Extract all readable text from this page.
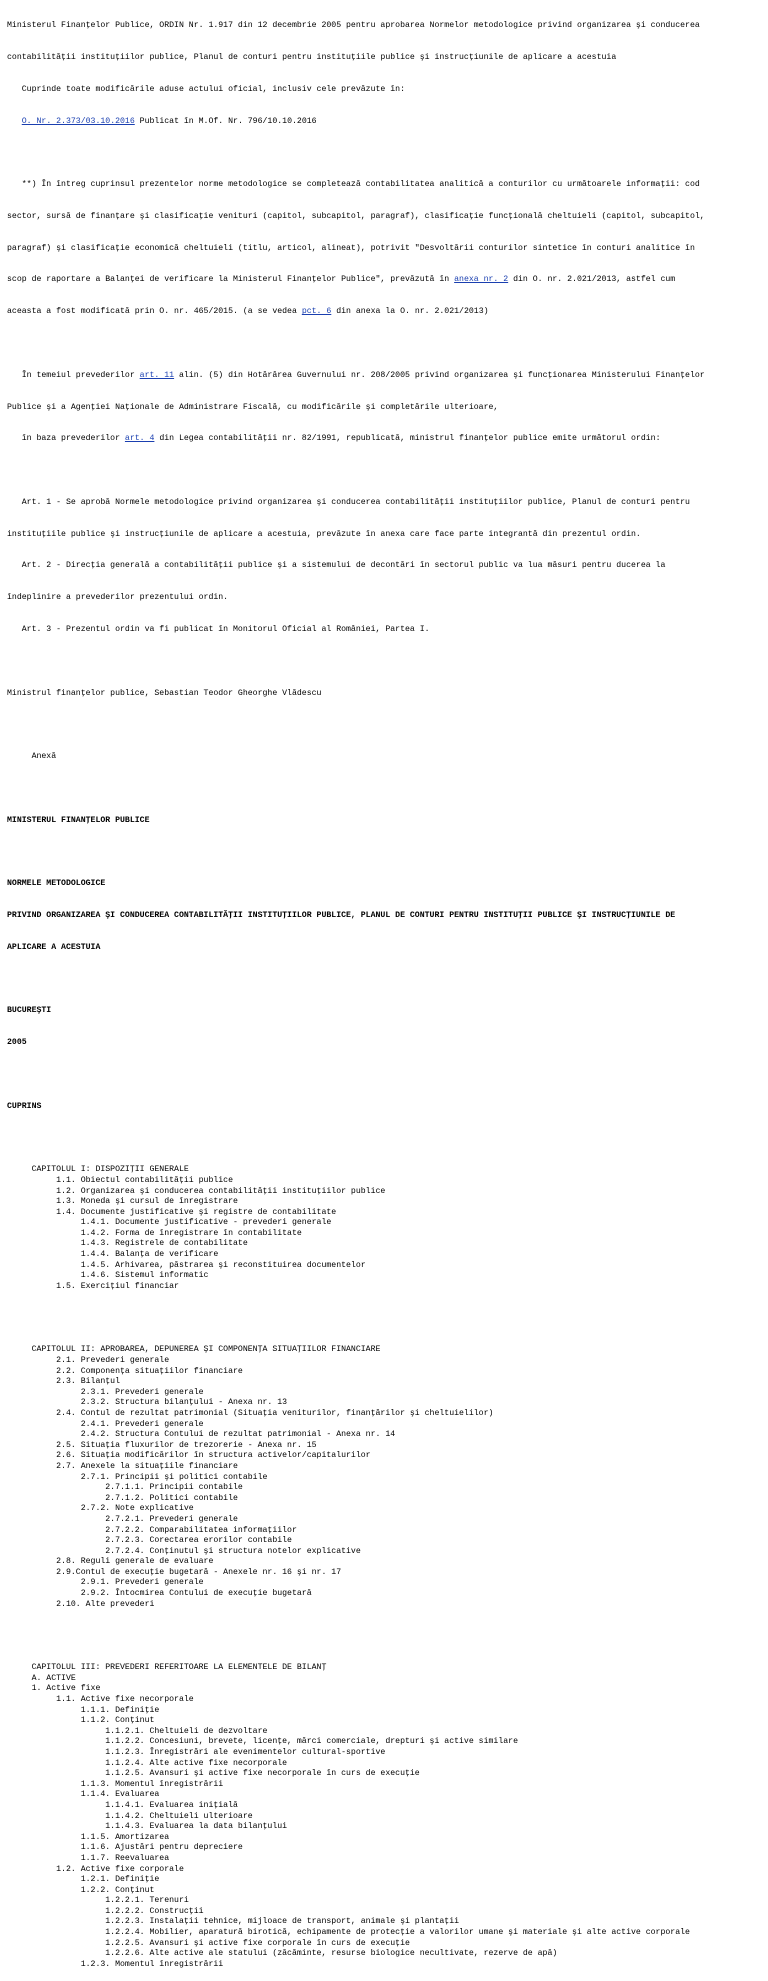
Ministerul Finanţelor Publice, ORDIN Nr. 1.917 din 12 decembrie 2005 pentru aprobarea Normelor metodologice privind organizarea şi conducerea

contabilităţii instituţiilor publice, Planul de conturi pentru instituţiile publice şi instrucţiunile de aplicare a acestuia

Cuprinde toate modificările aduse actului oficial, inclusiv cele prevăzute în:

O. Nr. 2.373/03.10.2016 Publicat în M.Of. Nr. 796/10.10.2016

**) În întreg cuprinsul prezentelor norme metodologice se completează contabilitatea analitică a conturilor cu următoarele informaţii: cod

sector, sursă de finanţare şi clasificaţie venituri (capitol, subcapitol, paragraf), clasificaţie funcţională cheltuieli (capitol, subcapitol,

paragraf) şi clasificaţie economică cheltuieli (titlu, articol, alineat), potrivit "Desvoltării conturilor sintetice în conturi analitice în

scop de raportare a Balanţei de verificare la Ministerul Finanţelor Publice", prevăzută în anexa nr. 2 din O. nr. 2.021/2013, astfel cum

aceasta a fost modificată prin O. nr. 465/2015. (a se vedea pct. 6 din anexa la O. nr. 2.021/2013)

În temeiul prevederilor art. 11 alin. (5) din Hotărârea Guvernului nr. 208/2005 privind organizarea şi funcţionarea Ministerului Finanţelor

Publice şi a Agenţiei Naţionale de Administrare Fiscală, cu modificările şi completările ulterioare,

în baza prevederilor art. 4 din Legea contabilităţii nr. 82/1991, republicată, ministrul finanţelor publice emite următorul ordin:

Art. 1 - Se aprobă Normele metodologice privind organizarea şi conducerea contabilităţii instituţiilor publice, Planul de conturi pentru

instituţiile publice şi instrucţiunile de aplicare a acestuia, prevăzute în anexa care face parte integrantă din prezentul ordin.

Art. 2 - Direcţia generală a contabilităţii publice şi a sistemului de decontări în sectorul public va lua măsuri pentru ducerea la

îndeplinire a prevederilor prezentului ordin.

Art. 3 - Prezentul ordin va fi publicat în Monitorul Oficial al României, Partea I.

Ministrul finanţelor publice, Sebastian Teodor Gheorghe Vlădescu

Anexă

MINISTERUL FINANŢELOR PUBLICE

NORMELE METODOLOGICE

PRIVIND ORGANIZAREA ŞI CONDUCEREA CONTABILITĂŢII INSTITUŢIILOR PUBLICE, PLANUL DE CONTURI PENTRU INSTITUŢII PUBLICE ŞI INSTRUCŢIUNILE DE

APLICARE A ACESTUIA

BUCUREŞTI

2005

CUPRINS

CAPITOLUL I: DISPOZIŢII GENERALE
1.1. Obiectul contabilităţii publice
1.2. Organizarea şi conducerea contabilităţii instituţiilor publice
1.3. Moneda şi cursul de înregistrare
1.4. Documente justificative şi registre de contabilitate
1.4.1. Documente justificative - prevederi generale
1.4.2. Forma de înregistrare în contabilitate
1.4.3. Registrele de contabilitate
1.4.4. Balanţa de verificare
1.4.5. Arhivarea, păstrarea şi reconstituirea documentelor
1.4.6. Sistemul informatic
1.5. Exerciţiul financiar

CAPITOLUL II: APROBAREA, DEPUNEREA ŞI COMPONENŢA SITUAŢIILOR FINANCIARE
2.1. Prevederi generale
2.2. Componenţa situaţiilor financiare
2.3. Bilanţul
2.3.1. Prevederi generale
2.3.2. Structura bilanţului - Anexa nr. 13
2.4. Contul de rezultat patrimonial (Situaţia veniturilor, finanţărilor şi cheltuielilor)
2.4.1. Prevederi generale
2.4.2. Structura Contului de rezultat patrimonial - Anexa nr. 14
2.5. Situaţia fluxurilor de trezorerie - Anexa nr. 15
2.6. Situaţia modificărilor în structura activelor/capitalurilor
2.7. Anexele la situaţiile financiare
2.7.1. Principii şi politici contabile
2.7.1.1. Principii contabile
2.7.1.2. Politici contabile
2.7.2. Note explicative
2.7.2.1. Prevederi generale
2.7.2.2. Comparabilitatea informaţiilor
2.7.2.3. Corectarea erorilor contabile
2.7.2.4. Conţinutul şi structura notelor explicative
2.8. Reguli generale de evaluare
2.9.Contul de execuţie bugetară - Anexele nr. 16 şi nr. 17
2.9.1. Prevederi generale
2.9.2. Întocmirea Contului de execuţie bugetară
2.10. Alte prevederi

CAPITOLUL III: PREVEDERI REFERITOARE LA ELEMENTELE DE BILANŢ
A. ACTIVE
1. Active fixe
1.1. Active fixe necorporale
1.1.1. Definiţie
1.1.2. Conţinut
1.1.2.1. Cheltuieli de dezvoltare
1.1.2.2. Concesiuni, brevete, licenţe, mărci comerciale, drepturi şi active similare
1.1.2.3. Înregistrări ale evenimentelor cultural-sportive
1.1.2.4. Alte active fixe necorporale
1.1.2.5. Avansuri şi active fixe necorporale în curs de execuţie
1.1.3. Momentul înregistrării
1.1.4. Evaluarea
1.1.4.1. Evaluarea iniţială
1.1.4.2. Cheltuieli ulterioare
1.1.4.3. Evaluarea la data bilanţului
1.1.5. Amortizarea
1.1.6. Ajustări pentru depreciere
1.1.7. Reevaluarea
1.2. Active fixe corporale
1.2.1. Definiţie
1.2.2. Conţinut
1.2.2.1. Terenuri
1.2.2.2. Construcţii
1.2.2.3. Instalaţii tehnice, mijloace de transport, animale şi plantaţii
1.2.2.4. Mobilier, aparatură birotică, echipamente de protecţie a valorilor umane şi materiale şi alte active corporale
1.2.2.5. Avansuri şi active fixe corporale în curs de execuţie
1.2.2.6. Alte active ale statului (zăcăminte, resurse biologice necultivate, rezerve de apă)
1.2.3. Momentul înregistrării
